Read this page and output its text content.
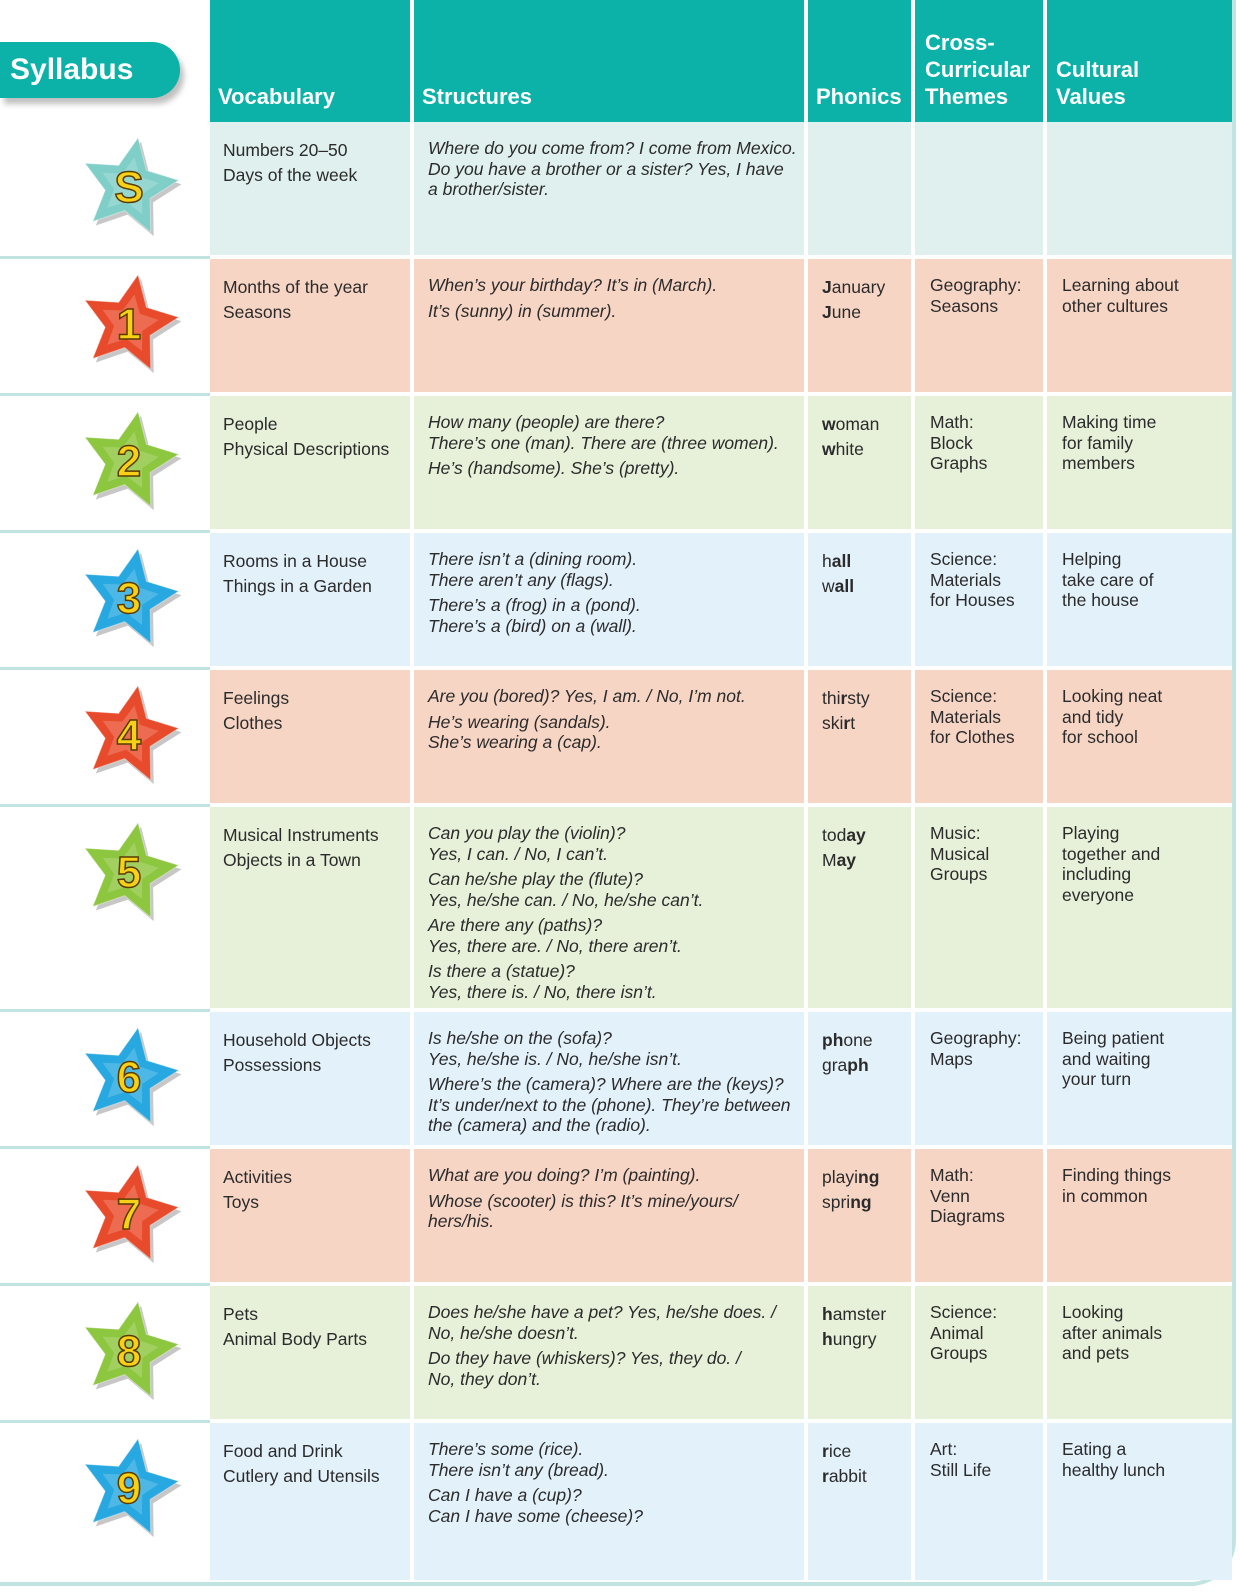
Vocabulary	Structures	Phonics
Cross-
Curricular
Themes
Cultural
Values
Syllabus
S
Numbers 20–50
Days of the week
Where do you come from? I come from Mexico.
Do you have a brother or a sister? Yes, I have
a brother/sister.
1
Months of the year
Seasons
When’s your birthday? It’s in (March).
It’s (sunny) in (summer).
January
June
Geography:
Seasons
Learning about
other cultures
2
People
Physical Descriptions
How many (people) are there?
There’s one (man). There are (three women).
He’s (handsome). She’s (pretty).
woman
white
Math:
Block
Graphs
Making time
for family
members
3
Rooms in a House
Things in a Garden
There isn’t a (dining room).
There aren’t any (flags).
There’s a (frog) in a (pond).
There’s a (bird) on a (wall).
hall
wall
Science:
Materials
for Houses
Helping
take care of
the house
4
Feelings
Clothes
Are you (bored)? Yes, I am. / No, I’m not.
He’s wearing (sandals).
She’s wearing a (cap).
thirsty
skirt
Science:
Materials
for Clothes
Looking neat
and tidy
for school
5
Musical Instruments
Objects in a Town
Can you play the (violin)?
Yes, I can. / No, I can’t.
Can he/she play the (flute)?
Yes, he/she can. / No, he/she can’t.
Are there any (paths)?
Yes, there are. / No, there aren’t.
Is there a (statue)?
Yes, there is. / No, there isn’t.
today
May
Music:
Musical
Groups
Playing
together and
including
everyone
6
Household Objects
Possessions
Is he/she on the (sofa)?
Yes, he/she is. / No, he/she isn’t.
Where’s the (camera)? Where are the (keys)?
It’s under/next to the (phone). They’re between
the (camera) and the (radio).
phone
graph
Geography:
Maps
Being patient
and waiting
your turn
7
Activities
Toys
What are you doing? I’m (painting).
Whose (scooter) is this? It’s mine/yours/
hers/his.
playing
spring
Math:
Venn
Diagrams
Finding things
in common
8
Pets
Animal Body Parts
Does he/she have a pet? Yes, he/she does. /
No, he/she doesn’t.
Do they have (whiskers)? Yes, they do. /
No, they don’t.
hamster
hungry
Science:
Animal
Groups
Looking
after animals
and pets
9
Food and Drink
Cutlery and Utensils
There’s some (rice).
There isn’t any (bread).
Can I have a (cup)?
Can I have some (cheese)?
rice
rabbit
Art:
Still Life
Eating a
healthy lunch
